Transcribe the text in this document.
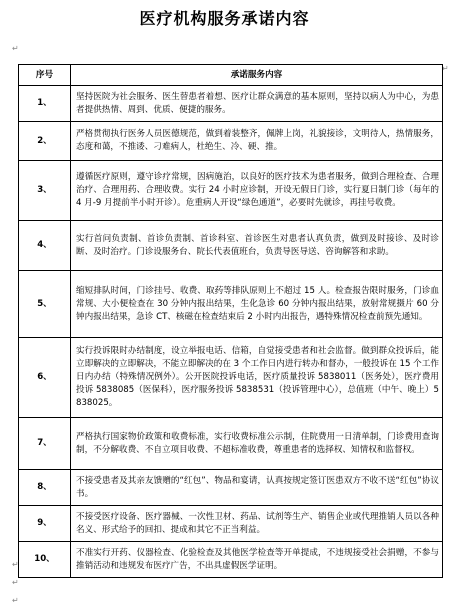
医疗机构服务承诺内容
↵
↵
序号	承诺服务内容
1、	坚持医院为社会服务、医生替患者着想、医疗让群众满意的基本原则，坚持以病人为中心，为患者提供热情、周到、优质、便捷的服务。
2、	严格贯彻执行医务人员医德规范，做到着装整齐，佩牌上岗，礼貌接诊，文明待人，热情服务，态度和蔼，不推诿、刁难病人，杜绝生、冷、硬、推。
3、	遵循医疗原则，遵守诊疗常规，因病施治，以良好的医疗技术为患者服务，做到合理检查、合理治疗、合理用药、合理收费。实行 24 小时应诊制，开设无假日门诊，实行夏日制门诊（每年的 4 月-9 月提前半小时开诊）。危重病人开设“绿色通道”，必要时先就诊，再挂号收费。
4、	实行首问负责制、首诊负责制、首诊科室、首诊医生对患者认真负责，做到及时接诊、及时诊断、及时治疗。门诊设服务台、院长代表值班台，负责导医导送、咨询解答和求助。
5、	缩短排队时间，门诊挂号、收费、取药等排队原则上不超过 15 人。检查报告限时服务，门诊血常规、大小便检查在 30 分钟内报出结果，生化急诊 60 分钟内报出结果，放射常规摄片 60 分钟内报出结果，急诊 CT、核磁在检查结束后 2 小时内出报告，遇特殊情况检查前预先通知。
6、	实行投诉限时办结制度，设立举报电话、信箱，自觉接受患者和社会监督。做到群众投诉后，能立即解决的立即解决，不能立即解决的在 3 个工作日内进行转办和督办，一般投诉在 15 个工作日内办结（特殊情况例外）。公开医院投诉电话，医疗质量投诉 5838011（医务处），医疗费用投诉 5838085（医保科），医疗服务投诉 5838531（投诉管理中心），总值班（中午、晚上）5838025。
7、	严格执行国家物价政策和收费标准，实行收费标准公示制，住院费用一日清单制，门诊费用查询制，不分解收费、不自立项目收费、不超标准收费，尊重患者的选择权、知情权和监督权。
8、	不接受患者及其亲友馈赠的“红包”、物品和宴请，认真按规定签订医患双方不收不送“红包”协议书。
9、	不接受医疗设备、医疗器械、一次性卫材、药品、试剂等生产、销售企业或代理推销人员以各种名义、形式给予的回扣、提成和其它不正当利益。
10、	不准实行开药、仪器检查、化验检查及其他医学检查等开单提成，不违规接受社会捐赠，不参与推销活动和违规发布医疗广告，不出具虚假医学证明。
↵
↵
↵
